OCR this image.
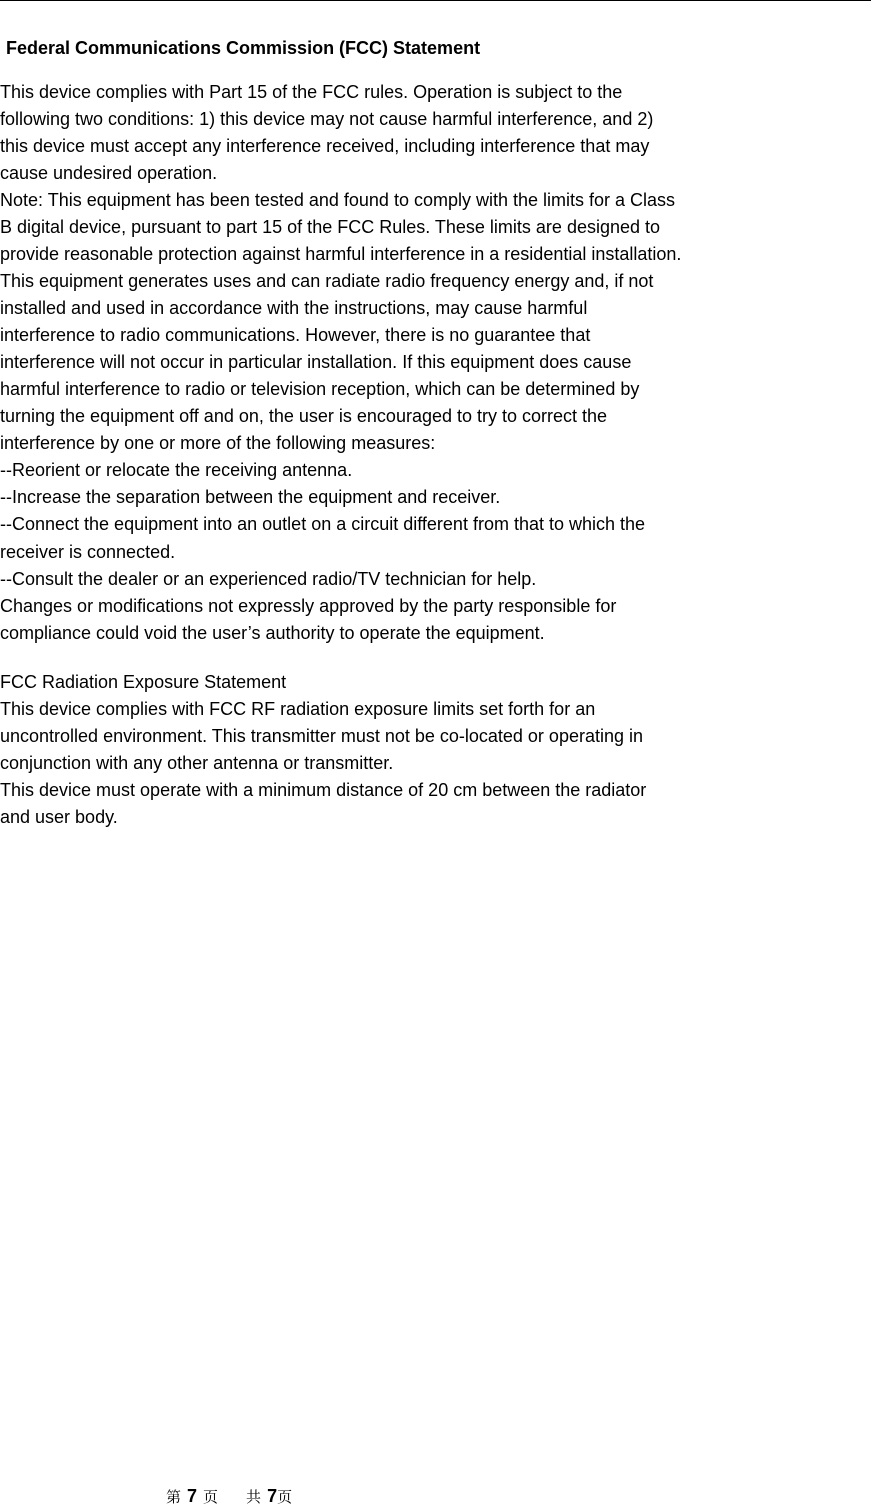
Federal Communications Commission (FCC) Statement
This device complies with Part 15 of the FCC rules. Operation is subject to the
following two conditions: 1) this device may not cause harmful interference, and 2)
this device must accept any interference received, including interference that may
cause undesired operation.
Note: This equipment has been tested and found to comply with the limits for a Class
B digital device, pursuant to part 15 of the FCC Rules. These limits are designed to
provide reasonable protection against harmful interference in a residential installation.
This equipment generates uses and can radiate radio frequency energy and, if not
installed and used in accordance with the instructions, may cause harmful
interference to radio communications. However, there is no guarantee that
interference will not occur in particular installation. If this equipment does cause
harmful interference to radio or television reception, which can be determined by
turning the equipment off and on, the user is encouraged to try to correct the
interference by one or more of the following measures:
--Reorient or relocate the receiving antenna.
--Increase the separation between the equipment and receiver.
--Connect the equipment into an outlet on a circuit different from that to which the
receiver is connected.
--Consult the dealer or an experienced radio/TV technician for help.
Changes or modifications not expressly approved by the party responsible for
compliance could void the user’s authority to operate the equipment.
FCC Radiation Exposure Statement
This device complies with FCC RF radiation exposure limits set forth for an
uncontrolled environment. This transmitter must not be co-located or operating in
conjunction with any other antenna or transmitter.
This device must operate with a minimum distance of 20 cm between the radiator
and user body.
第 7 页 共 7页
